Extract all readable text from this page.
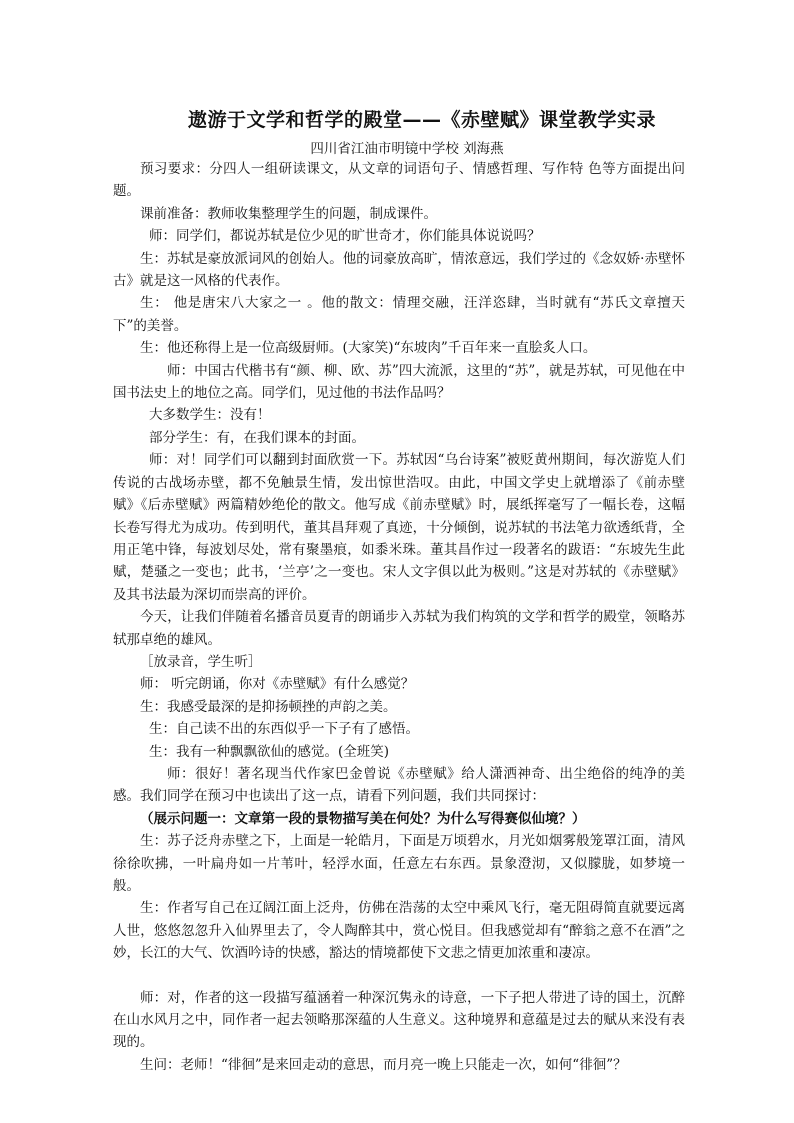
遨游于文学和哲学的殿堂——《赤壁赋》课堂教学实录

四川省江油市明镜中学校 刘海燕

预习要求：分四人一组研读课文，从文章的词语句子、情感哲理、写作特 色等方面提出问题。

课前准备：教师收集整理学生的问题，制成课件。

师：同学们，都说苏轼是位少见的旷世奇才，你们能具体说说吗？

生：苏轼是豪放派词风的创始人。他的词豪放高旷，情浓意远，我们学过的《念奴娇·赤壁怀古》就是这一风格的代表作。

生： 他是唐宋八大家之一 。他的散文：情理交融，汪洋恣肆，当时就有“苏氏文章擅天下”的美誉。

生：他还称得上是一位高级厨师。(大家笑)“东坡肉”千百年来一直脍炙人口。

师：中国古代楷书有“颜、柳、欧、苏”四大流派，这里的“苏”，就是苏轼，可见他在中国书法史上的地位之高。同学们，见过他的书法作品吗？

大多数学生：没有！

部分学生：有，在我们课本的封面。

师：对！同学们可以翻到封面欣赏一下。苏轼因“乌台诗案”被贬黄州期间，每次游览人们传说的古战场赤壁，都不免触景生情，发出惊世浩叹。由此，中国文学史上就增添了《前赤壁赋》《后赤壁赋》两篇精妙绝伦的散文。他写成《前赤壁赋》时，展纸挥毫写了一幅长卷，这幅长卷写得尤为成功。传到明代，董其昌拜观了真迹，十分倾倒，说苏轼的书法笔力欲透纸背，全用正笔中锋，每波划尽处，常有聚墨痕，如黍米珠。董其昌作过一段著名的跋语：“东坡先生此赋，楚骚之一变也；此书，‘兰亭’之一变也。宋人文字俱以此为极则。”这是对苏轼的《赤壁赋》及其书法最为深切而崇高的评价。

今天，让我们伴随着名播音员夏青的朗诵步入苏轼为我们构筑的文学和哲学的殿堂，领略苏轼那卓绝的雄风。

［放录音，学生听］

师： 听完朗诵，你对《赤壁赋》有什么感觉？

生：我感受最深的是抑扬顿挫的声韵之美。

生：自己读不出的东西似乎一下子有了感悟。

生：我有一种飘飘欲仙的感觉。(全班笑)

师：很好！著名现当代作家巴金曾说《赤壁赋》给人潇洒神奇、出尘绝俗的纯净的美感。我们同学在预习中也读出了这一点，请看下列问题，我们共同探讨：

（展示问题一：文章第一段的景物描写美在何处？为什么写得赛似仙境？）

生：苏子泛舟赤壁之下，上面是一轮皓月，下面是万顷碧水，月光如烟雾般笼罩江面，清风徐徐吹拂，一叶扁舟如一片苇叶，轻浮水面，任意左右东西。景象澄沏，又似朦胧，如梦境一般。

生：作者写自己在辽阔江面上泛舟，仿佛在浩荡的太空中乘风飞行，毫无阻碍简直就要远离人世，悠悠忽忽升入仙界里去了，令人陶醉其中，赏心悦目。但我感觉却有“醉翁之意不在酒”之妙，长江的大气、饮酒吟诗的快感，豁达的情境都使下文悲之情更加浓重和凄凉。

师：对，作者的这一段描写蕴涵着一种深沉隽永的诗意，一下子把人带进了诗的国土，沉醉在山水风月之中，同作者一起去领略那深蕴的人生意义。这种境界和意蕴是过去的赋从来没有表现的。

生问：老师！“徘徊”是来回走动的意思，而月亮一晚上只能走一次，如何“徘徊”？
